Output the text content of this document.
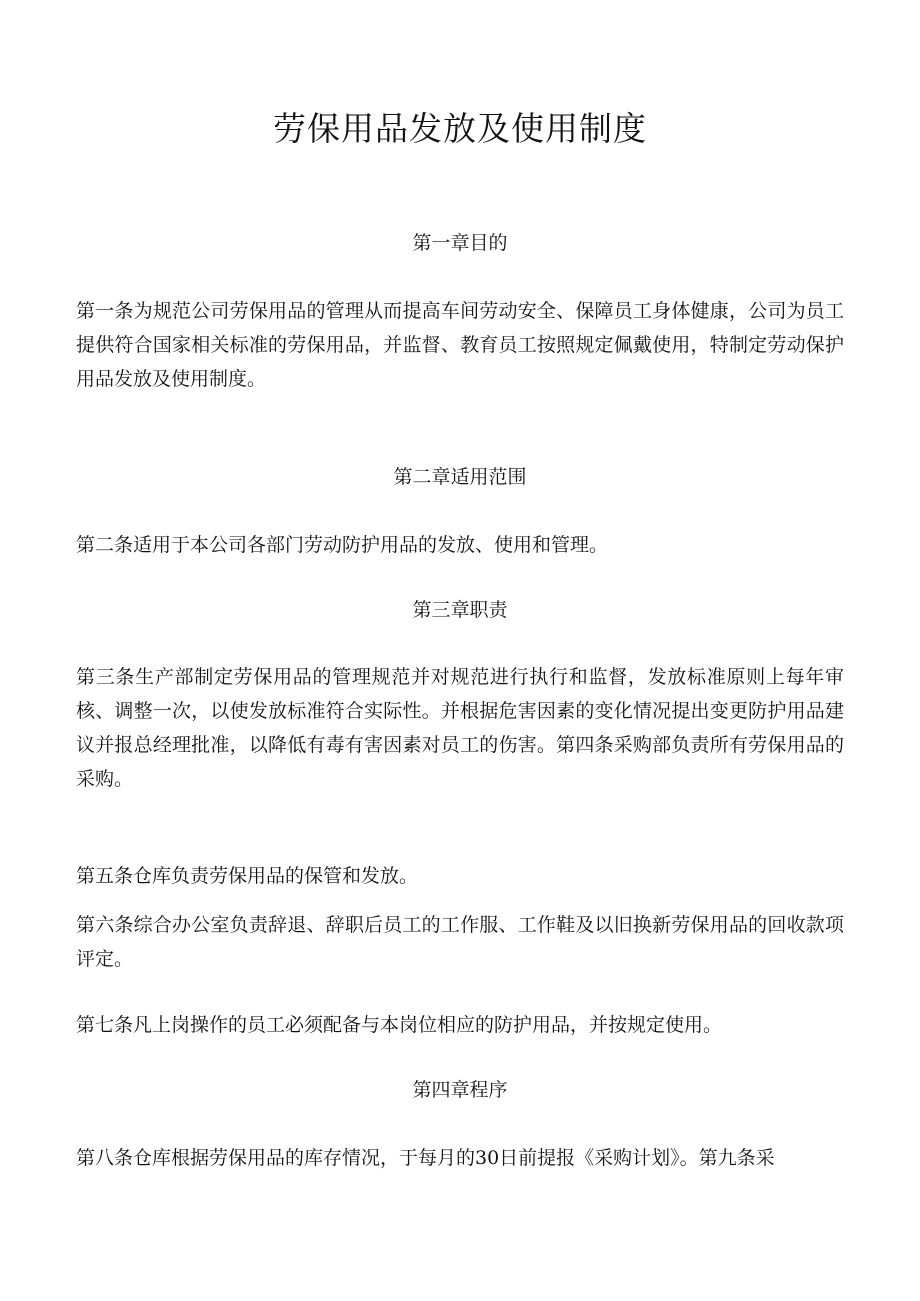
劳保用品发放及使用制度

第一章目的

第一条为规范公司劳保用品的管理从而提高车间劳动安全、保障员工身体健康，公司为员工提供符合国家相关标准的劳保用品，并监督、教育员工按照规定佩戴使用，特制定劳动保护用品发放及使用制度。

第二章适用范围

第二条适用于本公司各部门劳动防护用品的发放、使用和管理。

第三章职责

第三条生产部制定劳保用品的管理规范并对规范进行执行和监督，发放标准原则上每年审核、调整一次，以使发放标准符合实际性。并根据危害因素的变化情况提出变更防护用品建议并报总经理批准，以降低有毒有害因素对员工的伤害。第四条采购部负责所有劳保用品的采购。

第五条仓库负责劳保用品的保管和发放。

第六条综合办公室负责辞退、辞职后员工的工作服、工作鞋及以旧换新劳保用品的回收款项评定。

第七条凡上岗操作的员工必须配备与本岗位相应的防护用品，并按规定使用。

第四章程序

第八条仓库根据劳保用品的库存情况，于每月的30日前提报《采购计划》。第九条采
